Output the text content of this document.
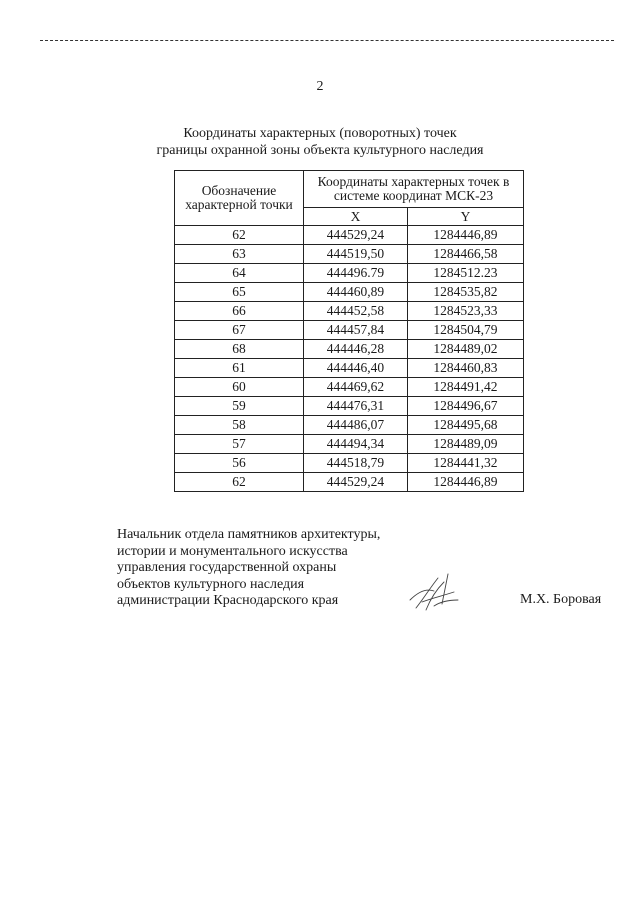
2
Координаты характерных (поворотных) точек
границы охранной зоны объекта культурного наследия
Обозначение
характерной точки	Координаты характерных точек в
системе координат МСК-23	

	X	Y
62	444529,24	1284446,89
63	444519,50	1284466,58
64	444496.79	1284512.23
65	444460,89	1284535,82
66	444452,58	1284523,33
67	444457,84	1284504,79
68	444446,28	1284489,02
61	444446,40	1284460,83
60	444469,62	1284491,42
59	444476,31	1284496,67
58	444486,07	1284495,68
57	444494,34	1284489,09
56	444518,79	1284441,32
62	444529,24	1284446,89
Начальник отдела памятников архитектуры,
истории и монументального искусства
управления государственной охраны
объектов культурного наследия
администрации Краснодарского края	М.Х. Боровая
